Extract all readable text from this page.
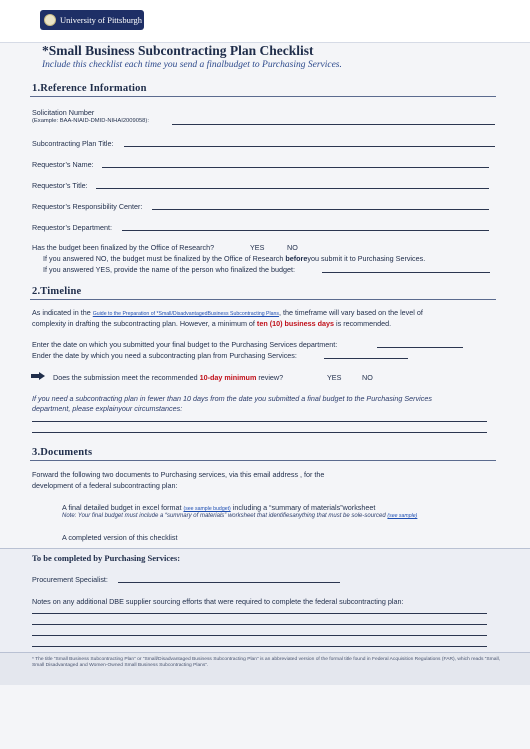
University of Pittsburgh
*Small Business Subcontracting Plan Checklist
Include this checklist each time you send a finalbudget to Purchasing Services.
1.Reference Information
Solicitation Number
(Example: BAA-NIAID-DMID-NIHAI2009058):
Subcontracting Plan Title:
Requestor’s Name:
Requestor’s Title:
Requestor’s Responsibility Center:
Requestor’s Department:
Has the budget been finalized by the Office of Research?	YES	NO
If you answered NO, the budget must be finalized by the Office of Research beforeyou submit it to Purchasing Services.
If you answered YES, provide the name of the person who finalized the budget:
2.Timeline
As indicated in the Guide to the Preparation of *Small/DisadvantagedBusiness Subcontracting Plans, the timeframe will vary based on the level of
complexity in drafting the subcontracting plan. However, a minimum of ten (10) business days is recommended.
Enter the date on which you submitted your final budget to the Purchasing Services department:
Ender the date by which you need a subcontracting plan from Purchasing Services:
Does the submission meet the recommended 10-day minimum review?	YES	NO
If you need a subcontracting plan in fewer than 10 days from the date you submitted a final budget to the Purchasing Services
department, please explainyour circumstances:
3.Documents
Forward the following two documents to Purchasing services, via this email address , for the
development of a federal subcontracting plan:
A final detailed budget in excel format (see sample budget) including a “summary of materials”worksheet
Note: Your final budget must include a “summary of materials” worksheet that identifiesanything that must be sole-sourced (see sample)
A completed version of this checklist
To be completed by Purchasing Services:
Procurement Specialist:
Notes on any additional DBE supplier sourcing efforts that were required to complete the federal subcontracting plan:
* The title “Small Business Subcontracting Plan” or “Small/Disadvantaged Business Subcontracting Plan” is an abbreviated version of the formal title found in Federal Acquisition Regulations (FAR), which reads “Small, Small Disadvantaged and Women-Owned Small Business Subcontracting Plans”.
